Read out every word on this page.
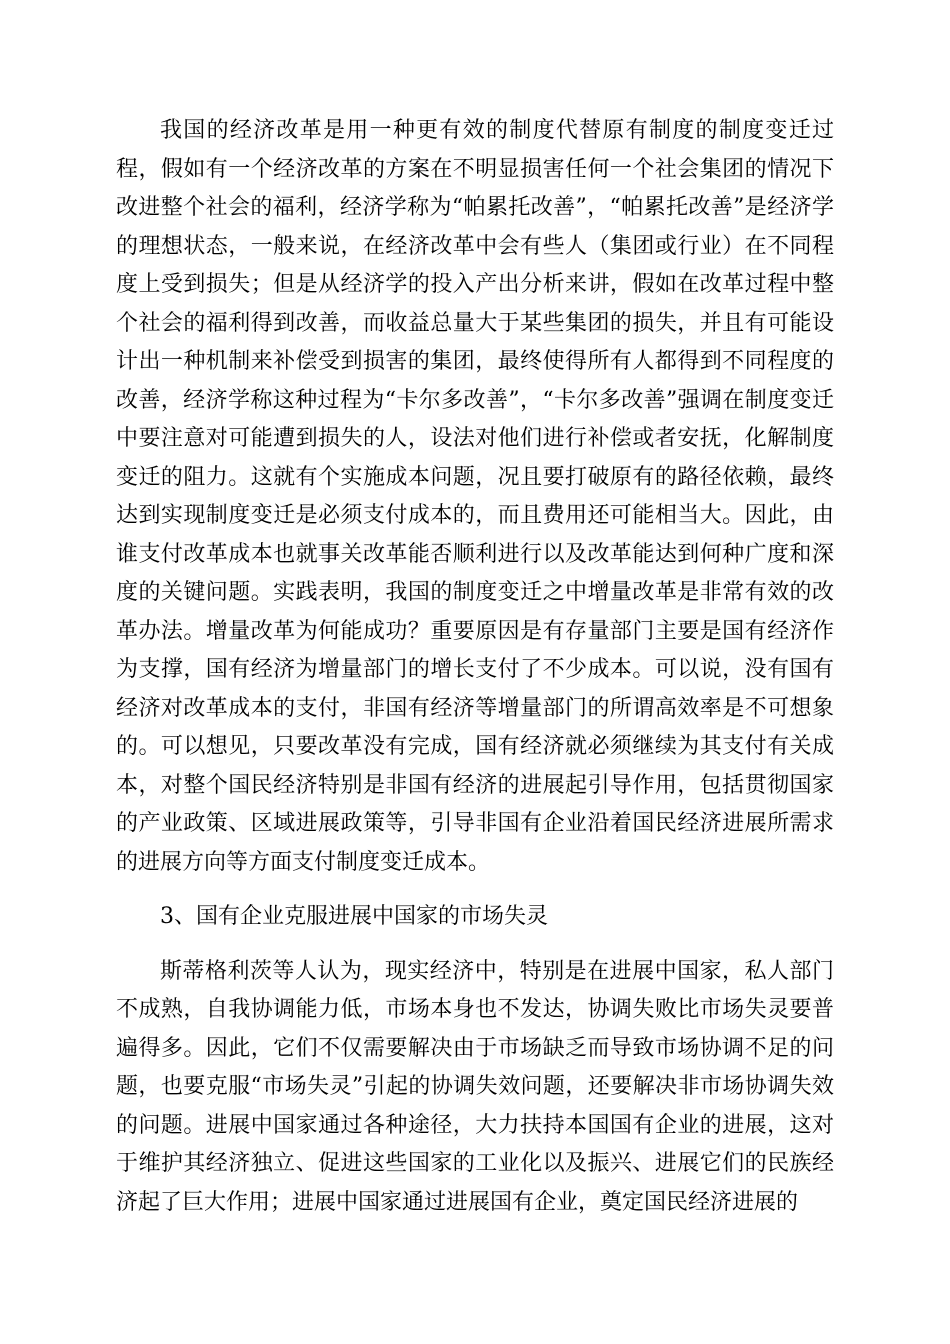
我国的经济改革是用一种更有效的制度代替原有制度的制度变迁过程，假如有一个经济改革的方案在不明显损害任何一个社会集团的情况下改进整个社会的福利，经济学称为“帕累托改善”，“帕累托改善”是经济学的理想状态，一般来说，在经济改革中会有些人（集团或行业）在不同程度上受到损失；但是从经济学的投入产出分析来讲，假如在改革过程中整个社会的福利得到改善，而收益总量大于某些集团的损失，并且有可能设计出一种机制来补偿受到损害的集团，最终使得所有人都得到不同程度的改善，经济学称这种过程为“卡尔多改善”，“卡尔多改善”强调在制度变迁中要注意对可能遭到损失的人，设法对他们进行补偿或者安抚，化解制度变迁的阻力。这就有个实施成本问题，况且要打破原有的路径依赖，最终达到实现制度变迁是必须支付成本的，而且费用还可能相当大。因此，由谁支付改革成本也就事关改革能否顺利进行以及改革能达到何种广度和深度的关键问题。实践表明，我国的制度变迁之中增量改革是非常有效的改革办法。增量改革为何能成功？重要原因是有存量部门主要是国有经济作为支撑，国有经济为增量部门的增长支付了不少成本。可以说，没有国有经济对改革成本的支付，非国有经济等增量部门的所谓高效率是不可想象的。可以想见，只要改革没有完成，国有经济就必须继续为其支付有关成本，对整个国民经济特别是非国有经济的进展起引导作用，包括贯彻国家的产业政策、区域进展政策等，引导非国有企业沿着国民经济进展所需求的进展方向等方面支付制度变迁成本。

3、国有企业克服进展中国家的市场失灵

斯蒂格利茨等人认为，现实经济中，特别是在进展中国家，私人部门不成熟，自我协调能力低，市场本身也不发达，协调失败比市场失灵要普遍得多。因此，它们不仅需要解决由于市场缺乏而导致市场协调不足的问题，也要克服“市场失灵”引起的协调失效问题，还要解决非市场协调失效的问题。进展中国家通过各种途径，大力扶持本国国有企业的进展，这对于维护其经济独立、促进这些国家的工业化以及振兴、进展它们的民族经济起了巨大作用；进展中国家通过进展国有企业，奠定国民经济进展的
